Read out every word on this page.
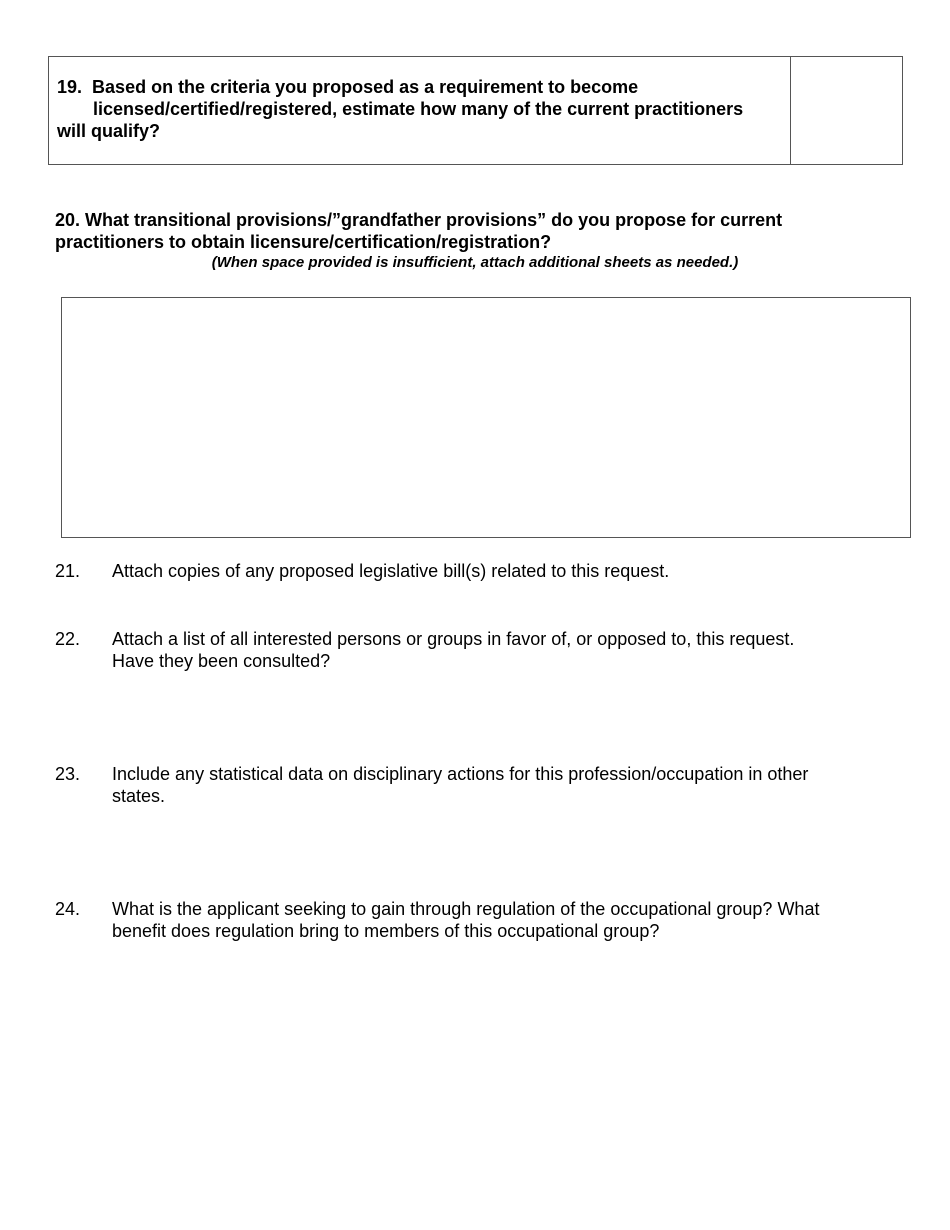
19. Based on the criteria you proposed as a requirement to become
licensed/certified/registered, estimate how many of the current practitioners
will qualify?
20. What transitional provisions/”grandfather provisions” do you propose for current
practitioners to obtain licensure/certification/registration?
(When space provided is insufficient, attach additional sheets as needed.)
21.	Attach copies of any proposed legislative bill(s) related to this request.
22.	Attach a list of all interested persons or groups in favor of, or opposed to, this request.
Have they been consulted?
23.	Include any statistical data on disciplinary actions for this profession/occupation in other
states.
24.	What is the applicant seeking to gain through regulation of the occupational group? What
benefit does regulation bring to members of this occupational group?
